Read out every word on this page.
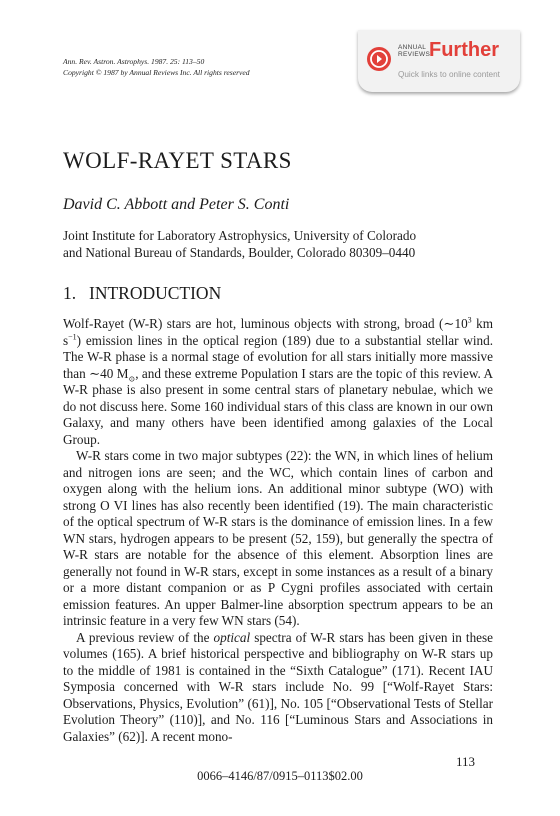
Ann. Rev. Astron. Astrophys. 1987. 25: 113–50
Copyright © 1987 by Annual Reviews Inc. All rights reserved
ANNUAL
REVIEWS
Further
Quick links to online content
WOLF-RAYET STARS
David C. Abbott and Peter S. Conti
Joint Institute for Laboratory Astrophysics, University of Colorado
and National Bureau of Standards, Boulder, Colorado 80309–0440
1. INTRODUCTION

Wolf-Rayet (W-R) stars are hot, luminous objects with strong, broad ($\sim 10^3$ km $s^{-1}$) emission lines in the optical region (189) due to a substantial stellar wind. The W-R phase is a normal stage of evolution for all stars initially more massive than ∼40 $M_⊙$, and these extreme Population I stars are the topic of this review. A W-R phase is also present in some central stars of planetary nebulae, which we do not discuss here. Some 160 individual stars of this class are known in our own Galaxy, and many others have been identified among galaxies of the Local Group.

W-R stars come in two major subtypes (22): the WN, in which lines of helium and nitrogen ions are seen; and the WC, which contain lines of carbon and oxygen along with the helium ions. An additional minor subtype (WO) with strong O VI lines has also recently been identified (19). The main characteristic of the optical spectrum of W-R stars is the dominance of emission lines. In a few WN stars, hydrogen appears to be present (52, 159), but generally the spectra of W-R stars are notable for the absence of this element. Absorption lines are generally not found in W-R stars, except in some instances as a result of a binary or a more distant companion or as P Cygni profiles associated with certain emission features. An upper Balmer-line absorption spectrum appears to be an intrinsic feature in a very few WN stars (54).

A previous review of the optical spectra of W-R stars has been given in these volumes (165). A brief historical perspective and bibliography on W-R stars up to the middle of 1981 is contained in the “Sixth Catalogue” (171). Recent IAU Symposia concerned with W-R stars include No. 99 [“Wolf-Rayet Stars: Observations, Physics, Evolution” (61)], No. 105 [“Observational Tests of Stellar Evolution Theory” (110)], and No. 116 [“Luminous Stars and Associations in Galaxies” (62)]. A recent mono-

113
0066–4146/87/0915–0113$02.00
